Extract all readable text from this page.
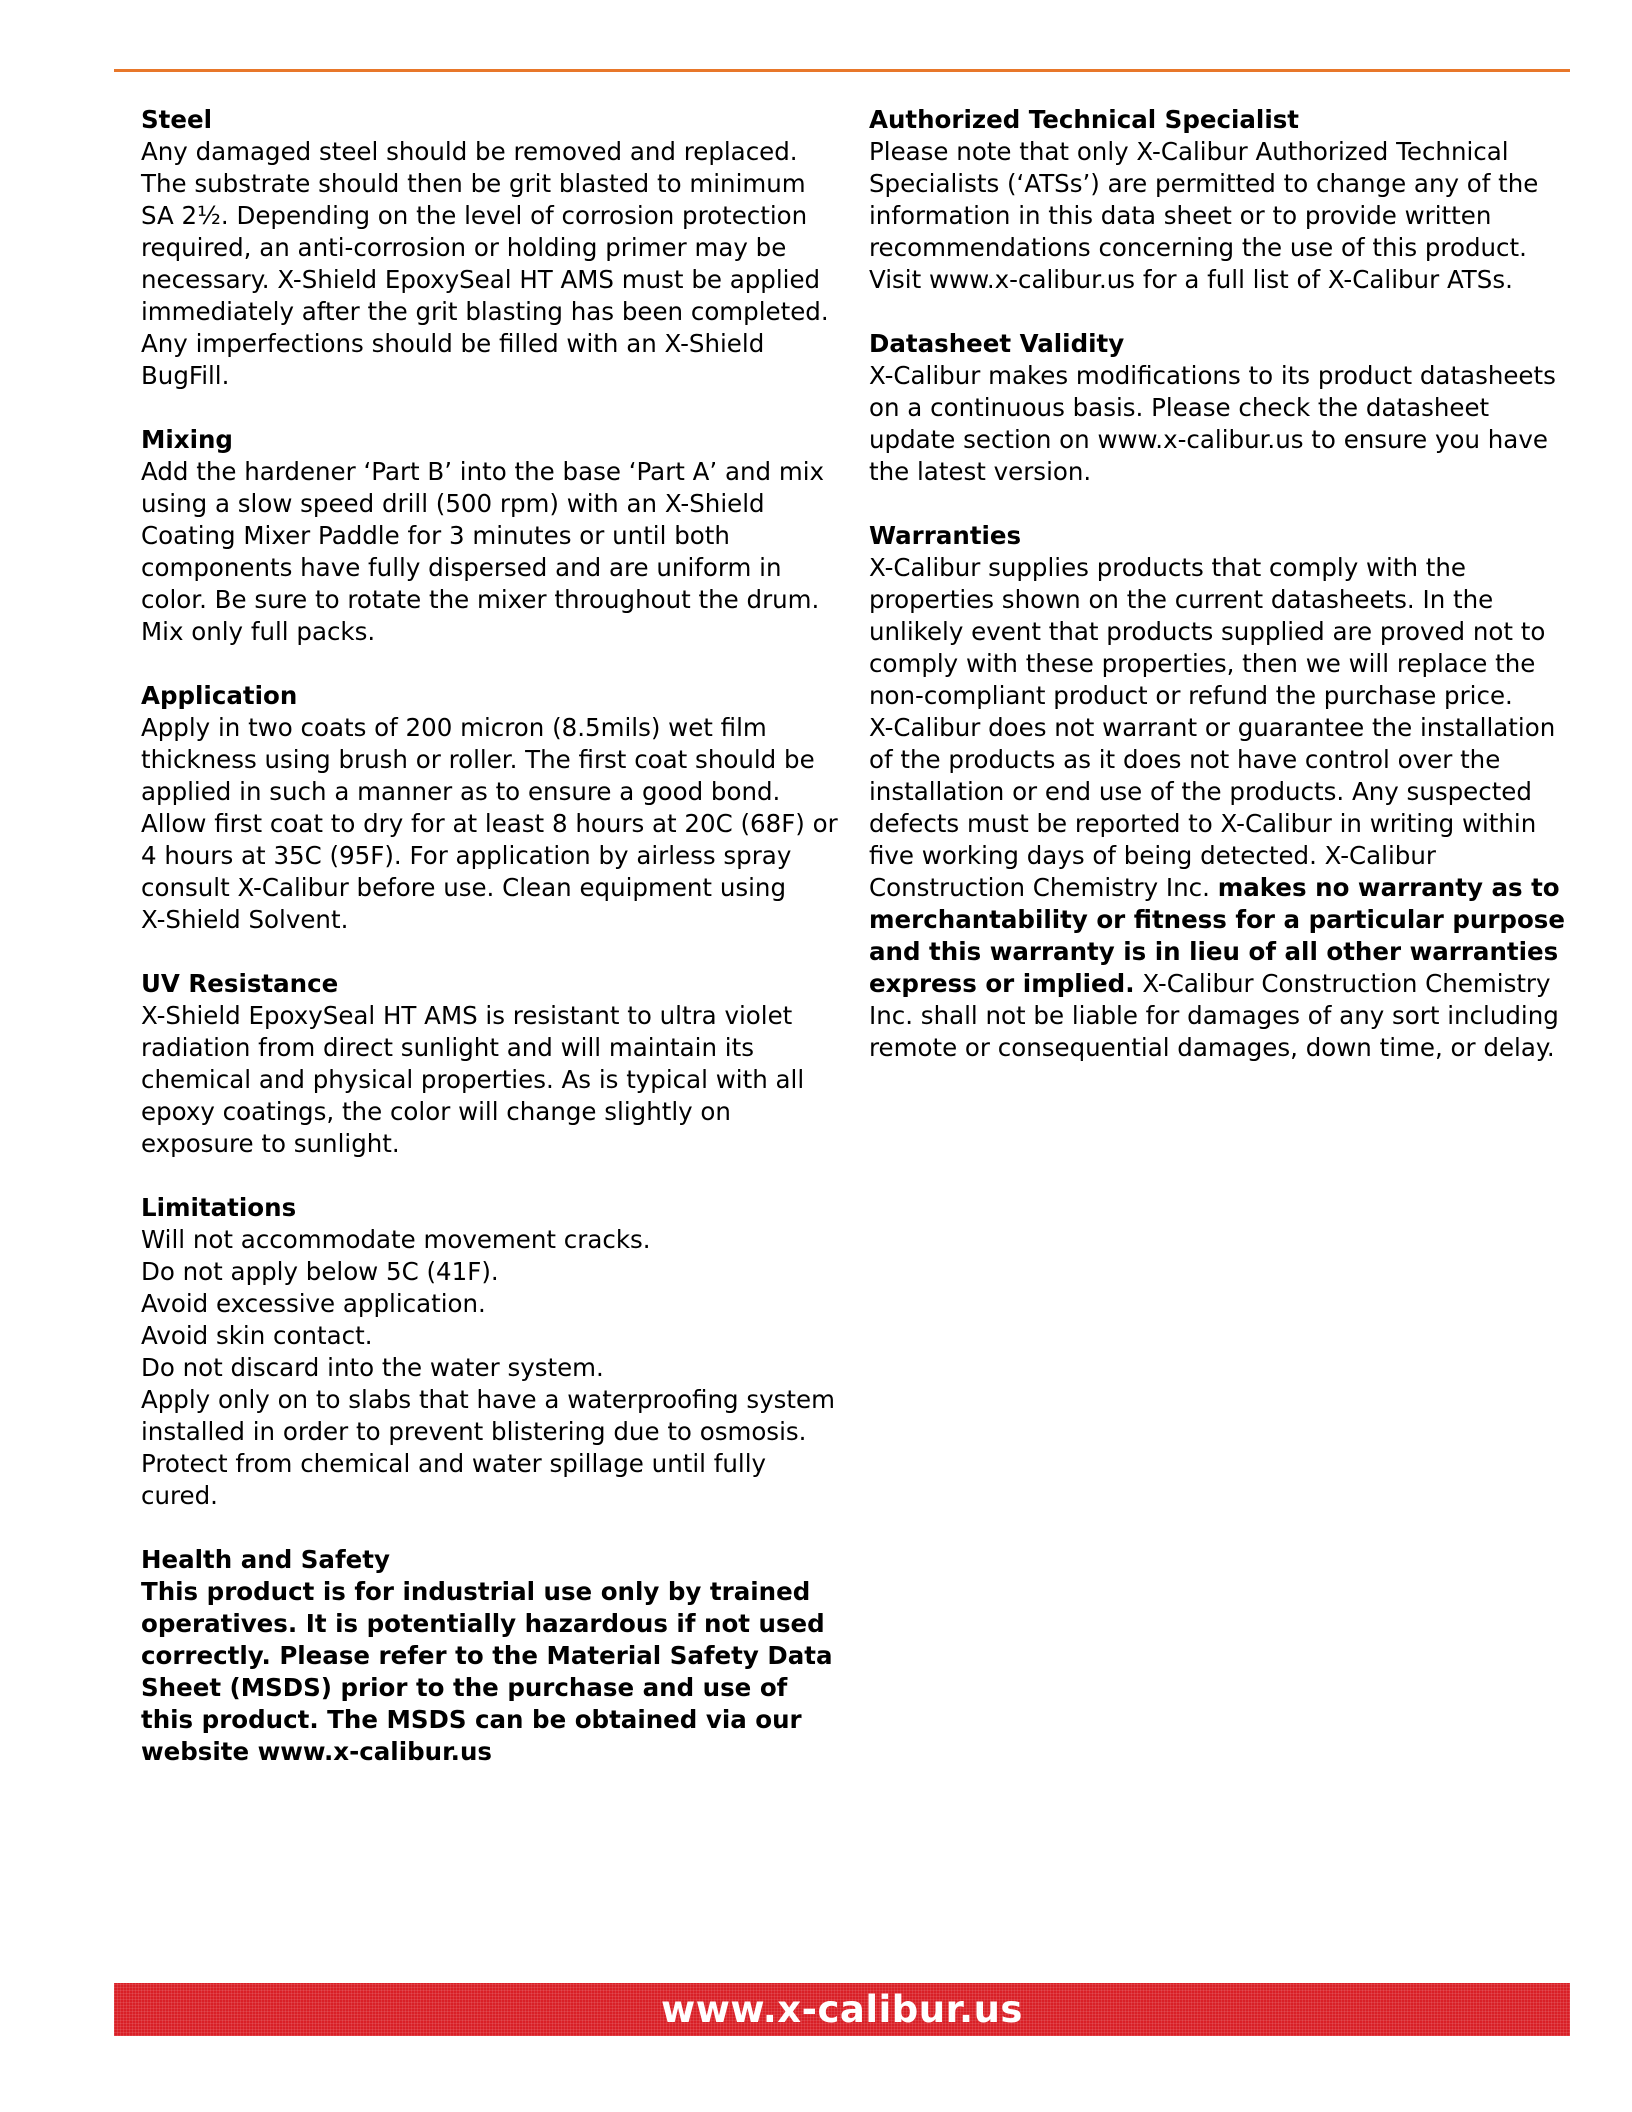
Steel

Any damaged steel should be removed and replaced.
The substrate should then be grit blasted to minimum
SA 2½. Depending on the level of corrosion protection
required, an anti-corrosion or holding primer may be
necessary. X-Shield EpoxySeal HT AMS must be applied
immediately after the grit blasting has been completed.
Any imperfections should be filled with an X-Shield
BugFill.

Mixing

Add the hardener ‘Part B’ into the base ‘Part A’ and mix
using a slow speed drill (500 rpm) with an X-Shield
Coating Mixer Paddle for 3 minutes or until both
components have fully dispersed and are uniform in
color. Be sure to rotate the mixer throughout the drum.
Mix only full packs.

Application

Apply in two coats of 200 micron (8.5mils) wet film
thickness using brush or roller. The first coat should be
applied in such a manner as to ensure a good bond.
Allow first coat to dry for at least 8 hours at 20C (68F) or
4 hours at 35C (95F). For application by airless spray
consult X-Calibur before use. Clean equipment using
X-Shield Solvent.

UV Resistance

X-Shield EpoxySeal HT AMS is resistant to ultra violet
radiation from direct sunlight and will maintain its
chemical and physical properties. As is typical with all
epoxy coatings, the color will change slightly on
exposure to sunlight.

Limitations

Will not accommodate movement cracks.
Do not apply below 5C (41F).
Avoid excessive application.
Avoid skin contact.
Do not discard into the water system.
Apply only on to slabs that have a waterproofing system
installed in order to prevent blistering due to osmosis.
Protect from chemical and water spillage until fully
cured.

Health and Safety

This product is for industrial use only by trained
operatives. It is potentially hazardous if not used
correctly. Please refer to the Material Safety Data
Sheet (MSDS) prior to the purchase and use of
this product. The MSDS can be obtained via our
website www.x-calibur.us

Authorized Technical Specialist

Please note that only X-Calibur Authorized Technical
Specialists (‘ATSs’) are permitted to change any of the
information in this data sheet or to provide written
recommendations concerning the use of this product.
Visit www.x-calibur.us for a full list of X-Calibur ATSs.

Datasheet Validity

X-Calibur makes modifications to its product datasheets
on a continuous basis. Please check the datasheet
update section on www.x-calibur.us to ensure you have
the latest version.

Warranties

X-Calibur supplies products that comply with the
properties shown on the current datasheets. In the
unlikely event that products supplied are proved not to
comply with these properties, then we will replace the
non-compliant product or refund the purchase price.
X-Calibur does not warrant or guarantee the installation
of the products as it does not have control over the
installation or end use of the products. Any suspected
defects must be reported to X-Calibur in writing within
five working days of being detected. X-Calibur
Construction Chemistry Inc. makes no warranty as to
merchantability or fitness for a particular purpose
and this warranty is in lieu of all other warranties
express or implied. X-Calibur Construction Chemistry
Inc. shall not be liable for damages of any sort including
remote or consequential damages, down time, or delay.

www.x-calibur.us
